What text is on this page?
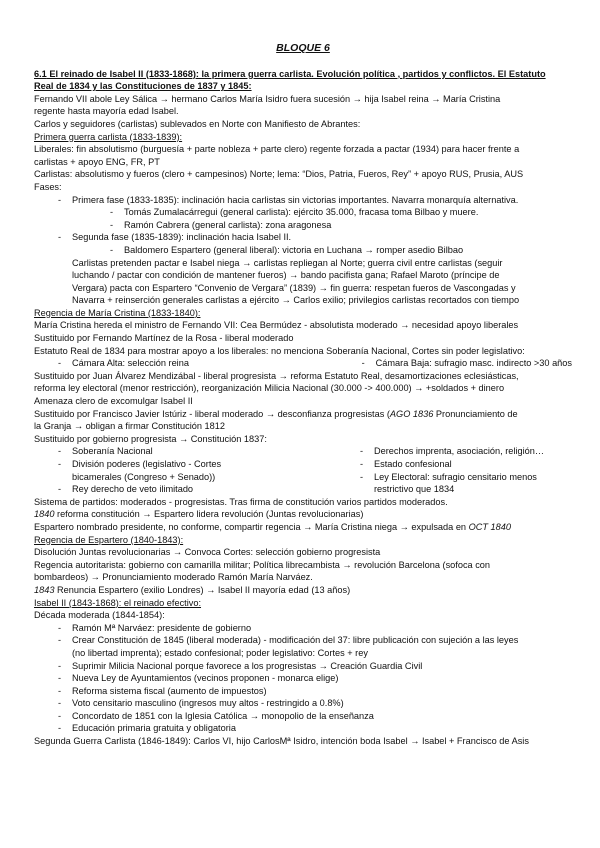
BLOQUE 6
6.1 El reinado de Isabel II (1833-1868): la primera guerra carlista. Evolución política , partidos y conflictos. El Estatuto
Real de 1834 y las Constituciones de 1837 y 1845:
Fernando VII abole Ley Sálica → hermano Carlos María Isidro fuera sucesión → hija Isabel reina → María Cristina
regente hasta mayoría edad Isabel.
Carlos y seguidores (carlistas) sublevados en Norte con Manifiesto de Abrantes:
Primera guerra carlista (1833-1839):
Liberales: fin absolutismo (burguesía + parte nobleza + parte clero) regente forzada a pactar (1934) para hacer frente a
carlistas + apoyo ENG, FR, PT
Carlistas: absolutismo y fueros (clero + campesinos) Norte; lema: “Dios, Patria, Fueros, Rey” + apoyo RUS, Prusia, AUS
Fases:
- Primera fase (1833-1835): inclinación hacia carlistas sin victorias importantes. Navarra monarquía alternativa.
- Tomás Zumalacárregui (general carlista): ejército 35.000, fracasa toma Bilbao y muere.
- Ramón Cabrera (general carlista): zona aragonesa
- Segunda fase (1835-1839): inclinación hacia Isabel II.
- Baldomero Espartero (general liberal): victoria en Luchana → romper asedio Bilbao
Carlistas pretenden pactar e Isabel niega → carlistas repliegan al Norte; guerra civil entre carlistas (seguir
luchando / pactar con condición de mantener fueros) → bando pacifista gana; Rafael Maroto (príncipe de
Vergara) pacta con Espartero “Convenio de Vergara” (1839) → fin guerra: respetan fueros de Vascongadas y
Navarra + reinserción generales carlistas a ejército → Carlos exilio; privilegios carlistas recortados con tiempo
Regencia de María Cristina (1833-1840):
María Cristina hereda el ministro de Fernando VII: Cea Bermúdez - absolutista moderado → necesidad apoyo liberales
Sustituido por Fernando Martínez de la Rosa - liberal moderado
Estatuto Real de 1834 para mostrar apoyo a los liberales: no menciona Soberanía Nacional, Cortes sin poder legislativo:
- Cámara Alta: selección reina	- Cámara Baja: sufragio masc. indirecto >30 años
Sustituido por Juan Álvarez Mendizábal - liberal progresista → reforma Estatuto Real, desamortizaciones eclesiásticas,
reforma ley electoral (menor restricción), reorganización Milicia Nacional (30.000 -> 400.000) → +soldados + dinero
Amenaza clero de excomulgar Isabel II
Sustituido por Francisco Javier Istúriz - liberal moderado → desconfianza progresistas (AGO 1836 Pronunciamiento de
la Granja → obligan a firmar Constitución 1812
Sustituido por gobierno progresista → Constitución 1837:
- Soberanía Nacional
- División poderes (legislativo - Cortes
bicamerales (Congreso + Senado))
- Rey derecho de veto ilimitado
- Derechos imprenta, asociación, religión…
- Estado confesional
- Ley Electoral: sufragio censitario menos
restrictivo que 1834
Sistema de partidos: moderados - progresistas. Tras firma de constitución varios partidos moderados.
1840 reforma constitución → Espartero lidera revolución (Juntas revolucionarias)
Espartero nombrado presidente, no conforme, compartir regencia → María Cristina niega → expulsada en OCT 1840
Regencia de Espartero (1840-1843):
Disolución Juntas revolucionarias → Convoca Cortes: selección gobierno progresista
Regencia autoritarista: gobierno con camarilla militar; Política librecambista → revolución Barcelona (sofoca con
bombardeos) → Pronunciamiento moderado Ramón María Narváez.
1843 Renuncia Espartero (exilio Londres) → Isabel II mayoría edad (13 años)
Isabel II (1843-1868): el reinado efectivo:
Década moderada (1844-1854):
- Ramón Mª Narváez: presidente de gobierno
- Crear Constitución de 1845 (liberal moderada) - modificación del 37: libre publicación con sujeción a las leyes
(no libertad imprenta); estado confesional; poder legislativo: Cortes + rey
- Suprimir Milicia Nacional porque favorece a los progresistas → Creación Guardia Civil
- Nueva Ley de Ayuntamientos (vecinos proponen - monarca elige)
- Reforma sistema fiscal (aumento de impuestos)
- Voto censitario masculino (ingresos muy altos - restringido a 0.8%)
- Concordato de 1851 con la Iglesia Católica → monopolio de la enseñanza
- Educación primaria gratuita y obligatoria
Segunda Guerra Carlista (1846-1849): Carlos VI, hijo CarlosMª Isidro, intención boda Isabel → Isabel + Francisco de Asis
